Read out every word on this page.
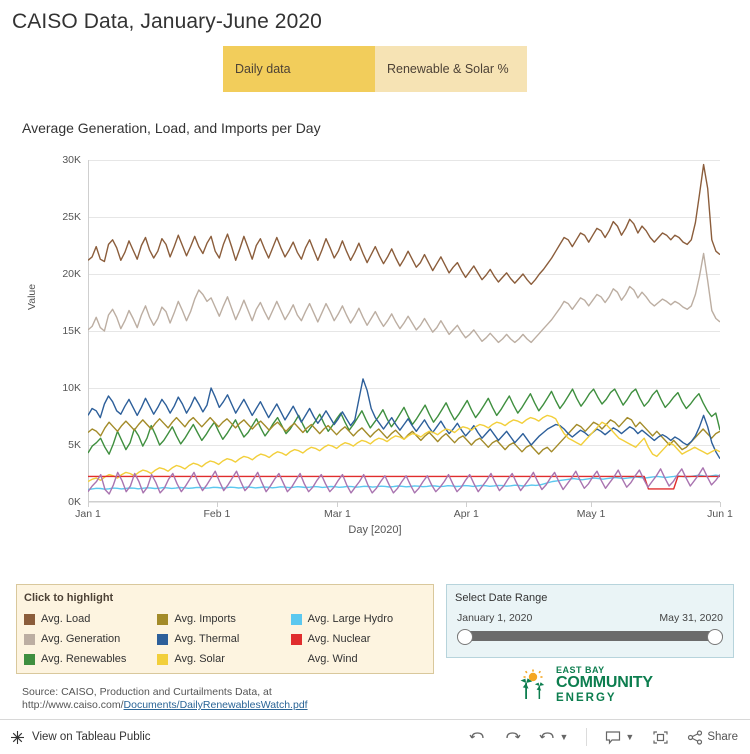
CAISO Data, January-June 2020
Daily data	Renewable & Solar %
Average Generation, Load, and Imports per Day
Value
0K
5K
10K
15K
20K
25K
30K
Jan 1	Feb 1	Mar 1	Apr 1	May 1	Jun 1
Day [2020]
Click to highlight
Avg. Load	Avg. Imports	Avg. Large Hydro
Avg. Generation	Avg. Thermal	Avg. Nuclear
Avg. Renewables	Avg. Solar	Avg. Wind
Select Date Range
January 1, 2020	May 31, 2020
Source: CAISO, Production and Curtailments Data, at
http://www.caiso.com/Documents/DailyRenewablesWatch.pdf
EAST BAY
COMMUNITY
ENERGY
View on Tableau Public	▼	▼	Share
